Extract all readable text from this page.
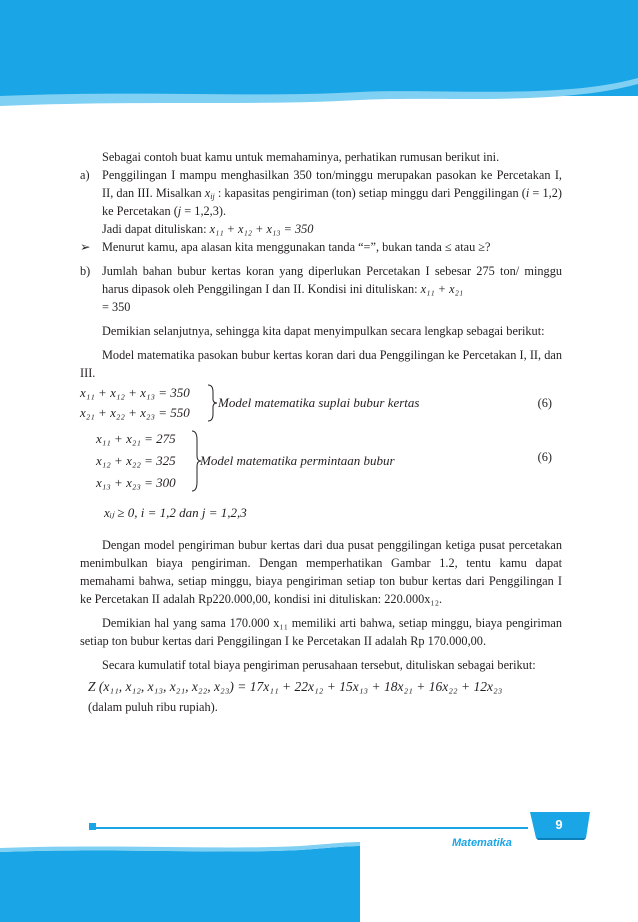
Sebagai contoh buat kamu untuk memahaminya, perhatikan rumusan berikut ini.

a) Penggilingan I mampu menghasilkan 350 ton/minggu merupakan pasokan ke Percetakan I, II, dan III. Misalkan $x_{ij}$ : kapasitas pengiriman (ton) setiap minggu dari Penggilingan (i = 1,2) ke Percetakan (j = 1,2,3).
Jadi dapat dituliskan: x₁₁ + x₁₂ + x₁₃ = 350
➢ Menurut kamu, apa alasan kita menggunakan tanda “=”, bukan tanda ≤ atau ≥?
b) Jumlah bahan bubur kertas koran yang diperlukan Percetakan I sebesar 275 ton/ minggu harus dipasok oleh Penggilingan I dan II. Kondisi ini dituliskan: x₁₁ + x₂₁
= 350

Demikian selanjutnya, sehingga kita dapat menyimpulkan secara lengkap sebagai berikut:

Model matematika pasokan bubur kertas koran dari dua Penggilingan ke Percetakan I, II, dan III.

x₁₁ + x₁₂ + x₁₃ = 350
x₂₁ + x₂₂ + x₂₃ = 550
Model matematika suplai bubur kertas	(6)
x₁₁ + x₂₁ = 275
x₁₂ + x₂₂ = 325
x₁₃ + x₂₃ = 300
Model matematika permintaan bubur	(6)
xᵢⱼ ≥ 0, i = 1,2 dan j = 1,2,3

Dengan model pengiriman bubur kertas dari dua pusat penggilingan ketiga pusat percetakan menimbulkan biaya pengiriman. Dengan memperhatikan Gambar 1.2, tentu kamu dapat memahami bahwa, setiap minggu, biaya pengiriman setiap ton bubur kertas dari Penggilingan I ke Percetakan II adalah Rp220.000,00, kondisi ini dituliskan: 220.000x₁₂.

Demikian hal yang sama 170.000 x₁₁ memiliki arti bahwa, setiap minggu, biaya pengiriman setiap ton bubur kertas dari Penggilingan I ke Percetakan II adalah Rp 170.000,00.

Secara kumulatif total biaya pengiriman perusahaan tersebut, dituliskan sebagai berikut:

Z (x₁₁, x₁₂, x₁₃, x₂₁, x₂₂, x₂₃) = 17x₁₁ + 22x₁₂ + 15x₁₃ + 18x₂₁ + 16x₂₂ + 12x₂₃

(dalam puluh ribu rupiah).

9
Matematika
